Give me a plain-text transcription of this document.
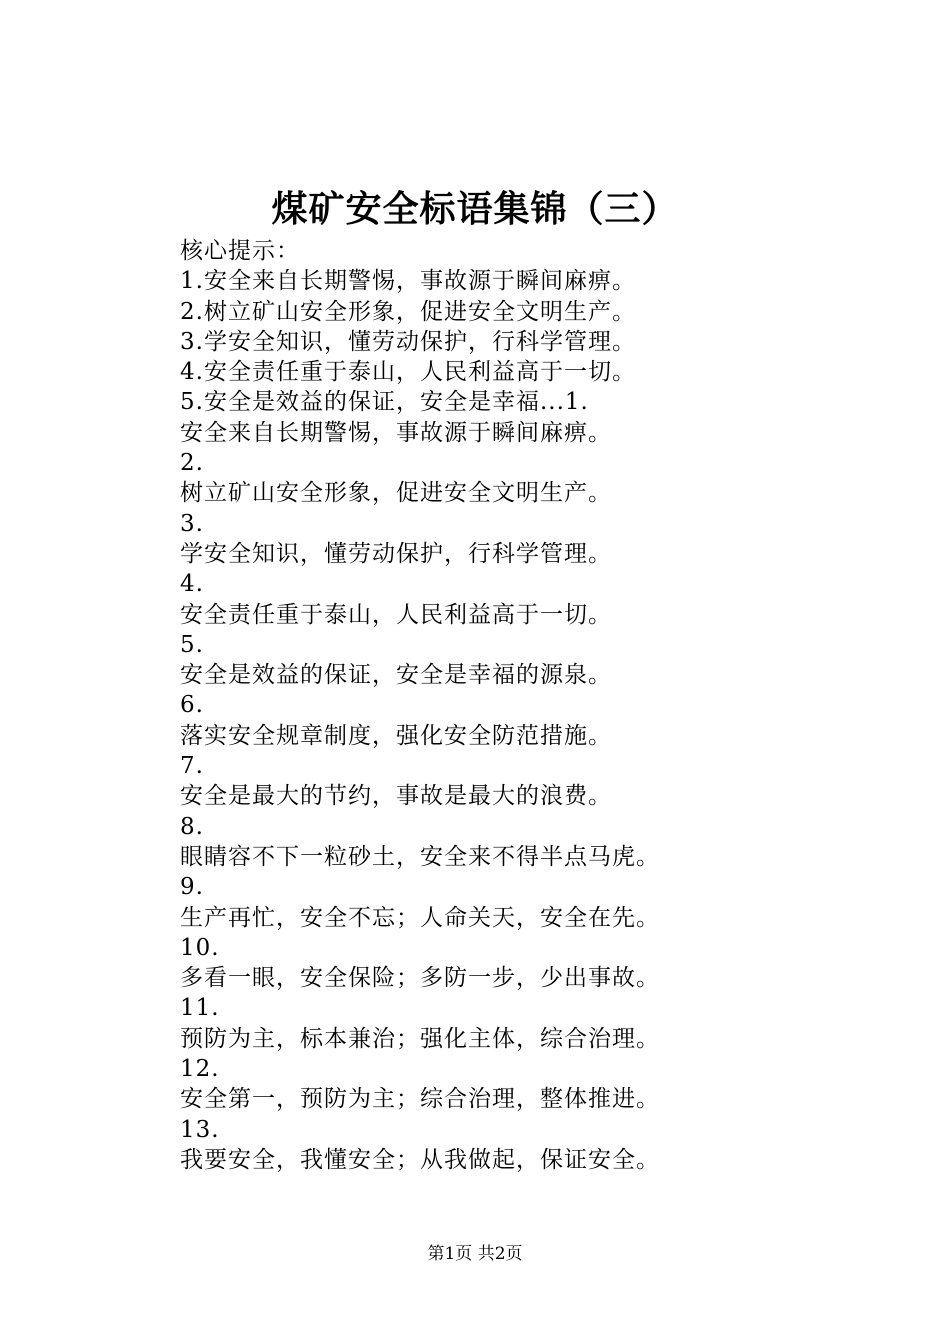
煤矿安全标语集锦（三）
核心提示：
1.安全来自长期警惕，事故源于瞬间麻痹。
2.树立矿山安全形象，促进安全文明生产。
3.学安全知识，懂劳动保护，行科学管理。
4.安全责任重于泰山，人民利益高于一切。
5.安全是效益的保证，安全是幸福...1.
安全来自长期警惕，事故源于瞬间麻痹。
2.
树立矿山安全形象，促进安全文明生产。
3.
学安全知识，懂劳动保护，行科学管理。
4.
安全责任重于泰山，人民利益高于一切。
5.
安全是效益的保证，安全是幸福的源泉。
6.
落实安全规章制度，强化安全防范措施。
7.
安全是最大的节约，事故是最大的浪费。
8.
眼睛容不下一粒砂土，安全来不得半点马虎。
9.
生产再忙，安全不忘；人命关天，安全在先。
10.
多看一眼，安全保险；多防一步，少出事故。
11.
预防为主，标本兼治；强化主体，综合治理。
12.
安全第一，预防为主；综合治理，整体推进。
13.
我要安全，我懂安全；从我做起，保证安全。
第1页 共2页
